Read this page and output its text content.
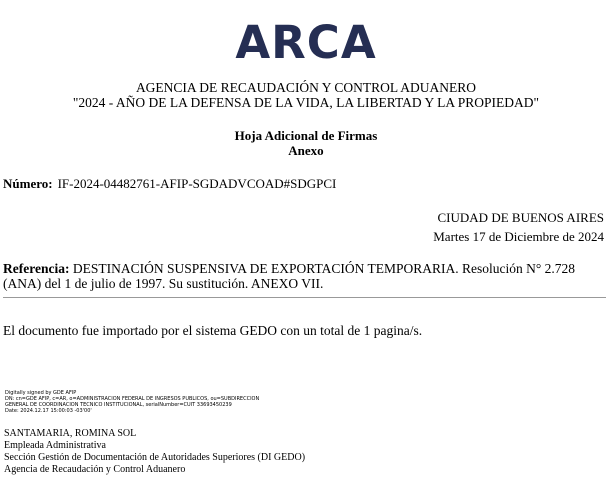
ARCA
AGENCIA DE RECAUDACIÓN Y CONTROL ADUANERO
"2024 - AÑO DE LA DEFENSA DE LA VIDA, LA LIBERTAD Y LA PROPIEDAD"
Hoja Adicional de Firmas
Anexo
Número: IF-2024-04482761-AFIP-SGDADVCOAD#SDGPCI
CIUDAD DE BUENOS AIRES
Martes 17 de Diciembre de 2024
Referencia: DESTINACIÓN SUSPENSIVA DE EXPORTACIÓN TEMPORARIA. Resolución N° 2.728 (ANA) del 1 de julio de 1997. Su sustitución. ANEXO VII.
El documento fue importado por el sistema GEDO con un total de 1 pagina/s.
Digitally signed by GDE AFIP
DN: cn=GDE AFIP, c=AR, o=ADMINISTRACION FEDERAL DE INGRESOS PUBLICOS, ou=SUBDIRECCION
GENERAL DE COORDINACION TECNICO INSTITUCIONAL, serialNumber=CUIT 33693450239
Date: 2024.12.17 15:00:03 -03'00'
SANTAMARIA, ROMINA SOL
Empleada Administrativa
Sección Gestión de Documentación de Autoridades Superiores (DI GEDO)
Agencia de Recaudación y Control Aduanero
